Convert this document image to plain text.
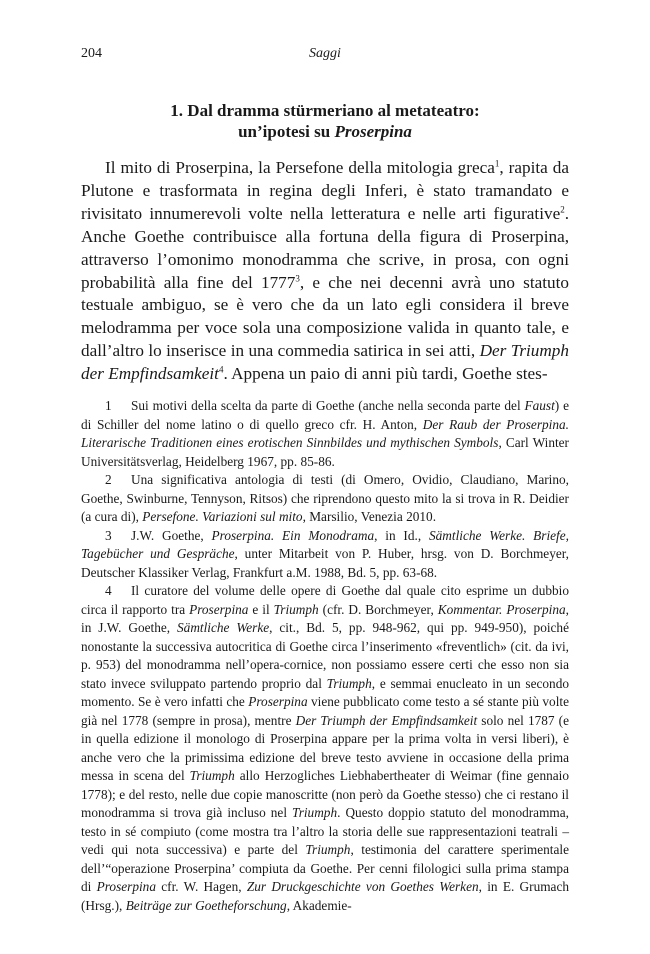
204	Saggi
1. Dal dramma stürmeriano al metateatro:
un’ipotesi su Proserpina

Il mito di Proserpina, la Persefone della mitologia greca$^1$, rapita da Plutone e trasformata in regina degli Inferi, è stato tramandato e rivisitato innumerevoli volte nella letteratura e nelle arti figurative$^2$. Anche Goethe contribuisce alla fortuna della figura di Proserpina, attraverso l’omonimo monodramma che scrive, in prosa, con ogni probabilità alla fine del 1777$^3$, e che nei decenni avrà uno statuto testuale ambiguo, se è vero che da un lato egli considera il breve melodramma per voce sola una composizione valida in quanto tale, e dall’altro lo inserisce in una commedia satirica in sei atti, Der Triumph der Empfindsamkeit$^4$. Appena un paio di anni più tardi, Goethe stes-

1 Sui motivi della scelta da parte di Goethe (anche nella seconda parte del Faust) e di Schiller del nome latino o di quello greco cfr. H. Anton, Der Raub der Proserpina. Literarische Traditionen eines erotischen Sinnbildes und mythischen Symbols, Carl Winter Universitätsverlag, Heidelberg 1967, pp. 85-86.

2 Una significativa antologia di testi (di Omero, Ovidio, Claudiano, Marino, Goethe, Swinburne, Tennyson, Ritsos) che riprendono questo mito la si trova in R. Deidier (a cura di), Persefone. Variazioni sul mito, Marsilio, Venezia 2010.

3 J.W. Goethe, Proserpina. Ein Monodrama, in Id., Sämtliche Werke. Briefe, Tagebücher und Gespräche, unter Mitarbeit von P. Huber, hrsg. von D. Borchmeyer, Deutscher Klassiker Verlag, Frankfurt a.M. 1988, Bd. 5, pp. 63-68.

4 Il curatore del volume delle opere di Goethe dal quale cito esprime un dubbio circa il rapporto tra Proserpina e il Triumph (cfr. D. Borchmeyer, Kommentar. Proserpina, in J.W. Goethe, Sämtliche Werke, cit., Bd. 5, pp. 948-962, qui pp. 949-950), poiché nonostante la successiva autocritica di Goethe circa l’inserimento «freventlich» (cit. da ivi, p. 953) del monodramma nell’opera-cornice, non possiamo essere certi che esso non sia stato invece sviluppato partendo proprio dal Triumph, e semmai enucleato in un secondo momento. Se è vero infatti che Proserpina viene pubblicato come testo a sé stante più volte già nel 1778 (sempre in prosa), mentre Der Triumph der Empfindsamkeit solo nel 1787 (e in quella edizione il monologo di Proserpina appare per la prima volta in versi liberi), è anche vero che la primissima edizione del breve testo avviene in occasione della prima messa in scena del Triumph allo Herzogliches Liebhabertheater di Weimar (fine gennaio 1778); e del resto, nelle due copie manoscritte (non però da Goethe stesso) che ci restano il monodramma si trova già incluso nel Triumph. Questo doppio statuto del monodramma, testo in sé compiuto (come mostra tra l’altro la storia delle sue rappresentazioni teatrali – vedi qui nota successiva) e parte del Triumph, testimonia del carattere sperimentale dell’“operazione Proserpina’ compiuta da Goethe. Per cenni filologici sulla prima stampa di Proserpina cfr. W. Hagen, Zur Druckgeschichte von Goethes Werken, in E. Grumach (Hrsg.), Beiträge zur Goetheforschung, Akademie-
